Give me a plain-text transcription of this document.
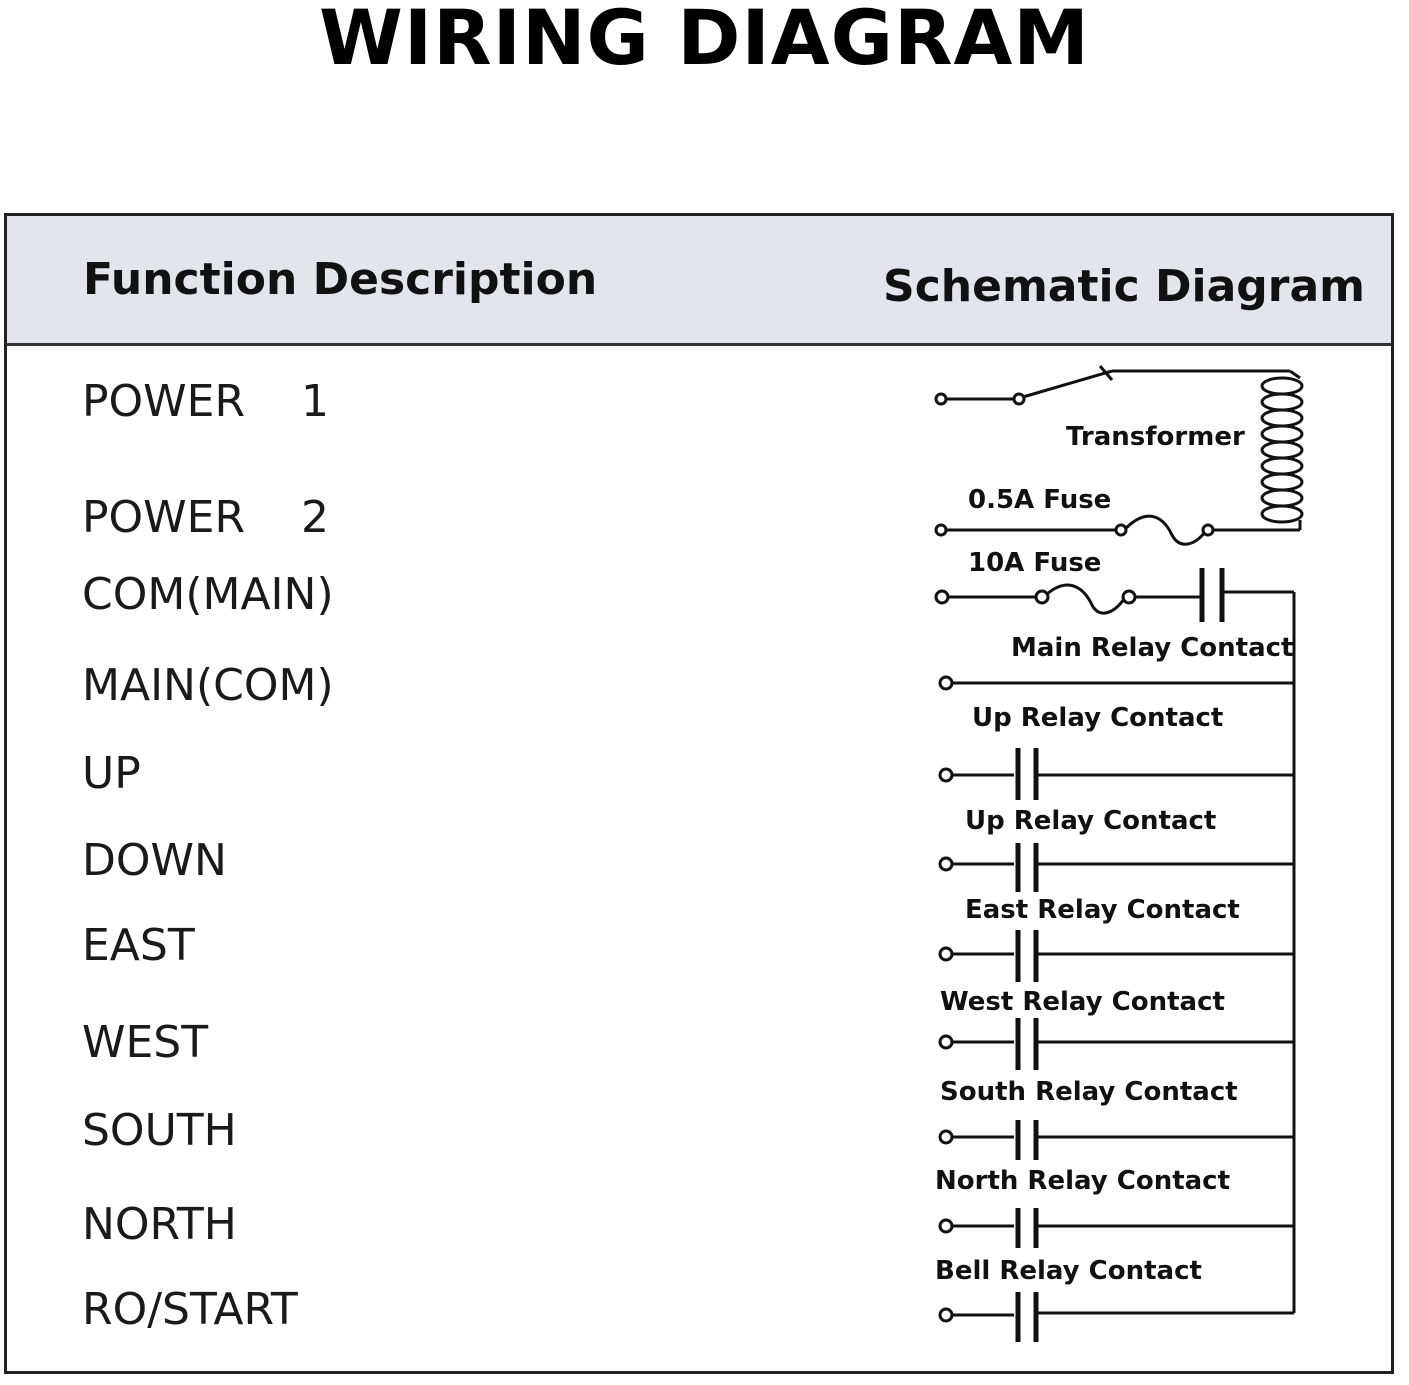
WIRING DIAGRAM
Function Description	Schematic Diagram
POWER    1
POWER    2
COM(MAIN)
MAIN(COM)
UP
DOWN
EAST
WEST
SOUTH
NORTH
RO/START
Transformer
0.5A Fuse
10A Fuse
Main Relay Contact
Up Relay Contact
Up Relay Contact
East Relay Contact
West Relay Contact
South Relay Contact
North Relay Contact
Bell Relay Contact
